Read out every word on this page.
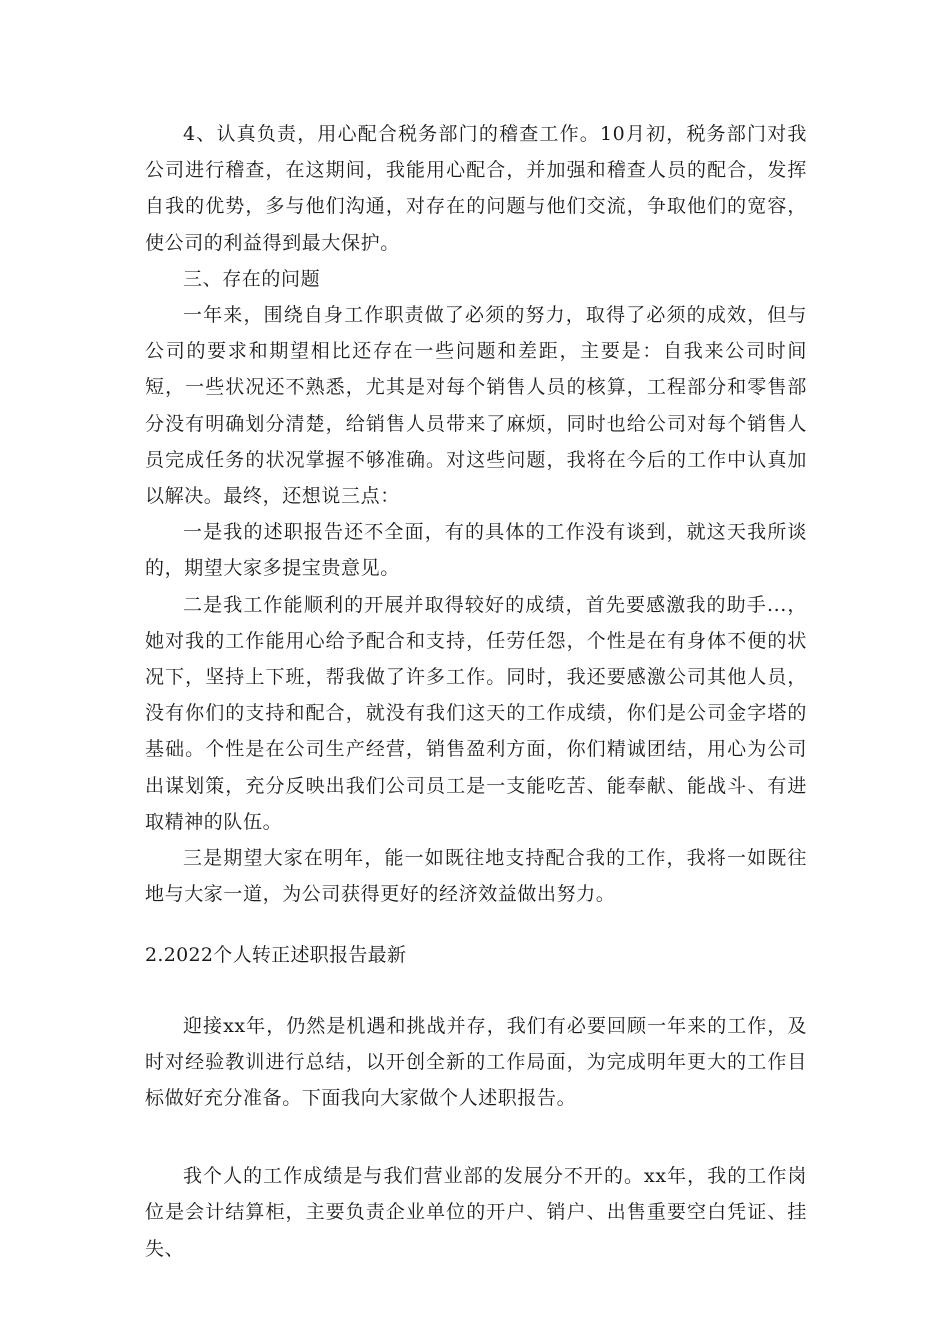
4、认真负责，用心配合税务部门的稽查工作。10月初，税务部门对我公司进行稽查，在这期间，我能用心配合，并加强和稽查人员的配合，发挥自我的优势，多与他们沟通，对存在的问题与他们交流，争取他们的宽容，使公司的利益得到最大保护。

三、存在的问题

一年来，围绕自身工作职责做了必须的努力，取得了必须的成效，但与公司的要求和期望相比还存在一些问题和差距，主要是：自我来公司时间短，一些状况还不熟悉，尤其是对每个销售人员的核算，工程部分和零售部分没有明确划分清楚，给销售人员带来了麻烦，同时也给公司对每个销售人员完成任务的状况掌握不够准确。对这些问题，我将在今后的工作中认真加以解决。最终，还想说三点：

一是我的述职报告还不全面，有的具体的工作没有谈到，就这天我所谈的，期望大家多提宝贵意见。

二是我工作能顺利的开展并取得较好的成绩，首先要感激我的助手...，她对我的工作能用心给予配合和支持，任劳任怨，个性是在有身体不便的状况下，坚持上下班，帮我做了许多工作。同时，我还要感激公司其他人员，没有你们的支持和配合，就没有我们这天的工作成绩，你们是公司金字塔的基础。个性是在公司生产经营，销售盈利方面，你们精诚团结，用心为公司出谋划策，充分反映出我们公司员工是一支能吃苦、能奉献、能战斗、有进取精神的队伍。

三是期望大家在明年，能一如既往地支持配合我的工作，我将一如既往地与大家一道，为公司获得更好的经济效益做出努力。

2.2022个人转正述职报告最新

迎接xx年，仍然是机遇和挑战并存，我们有必要回顾一年来的工作，及时对经验教训进行总结，以开创全新的工作局面，为完成明年更大的工作目标做好充分准备。下面我向大家做个人述职报告。

我个人的工作成绩是与我们营业部的发展分不开的。xx年，我的工作岗位是会计结算柜，主要负责企业单位的开户、销户、出售重要空白凭证、挂失、
